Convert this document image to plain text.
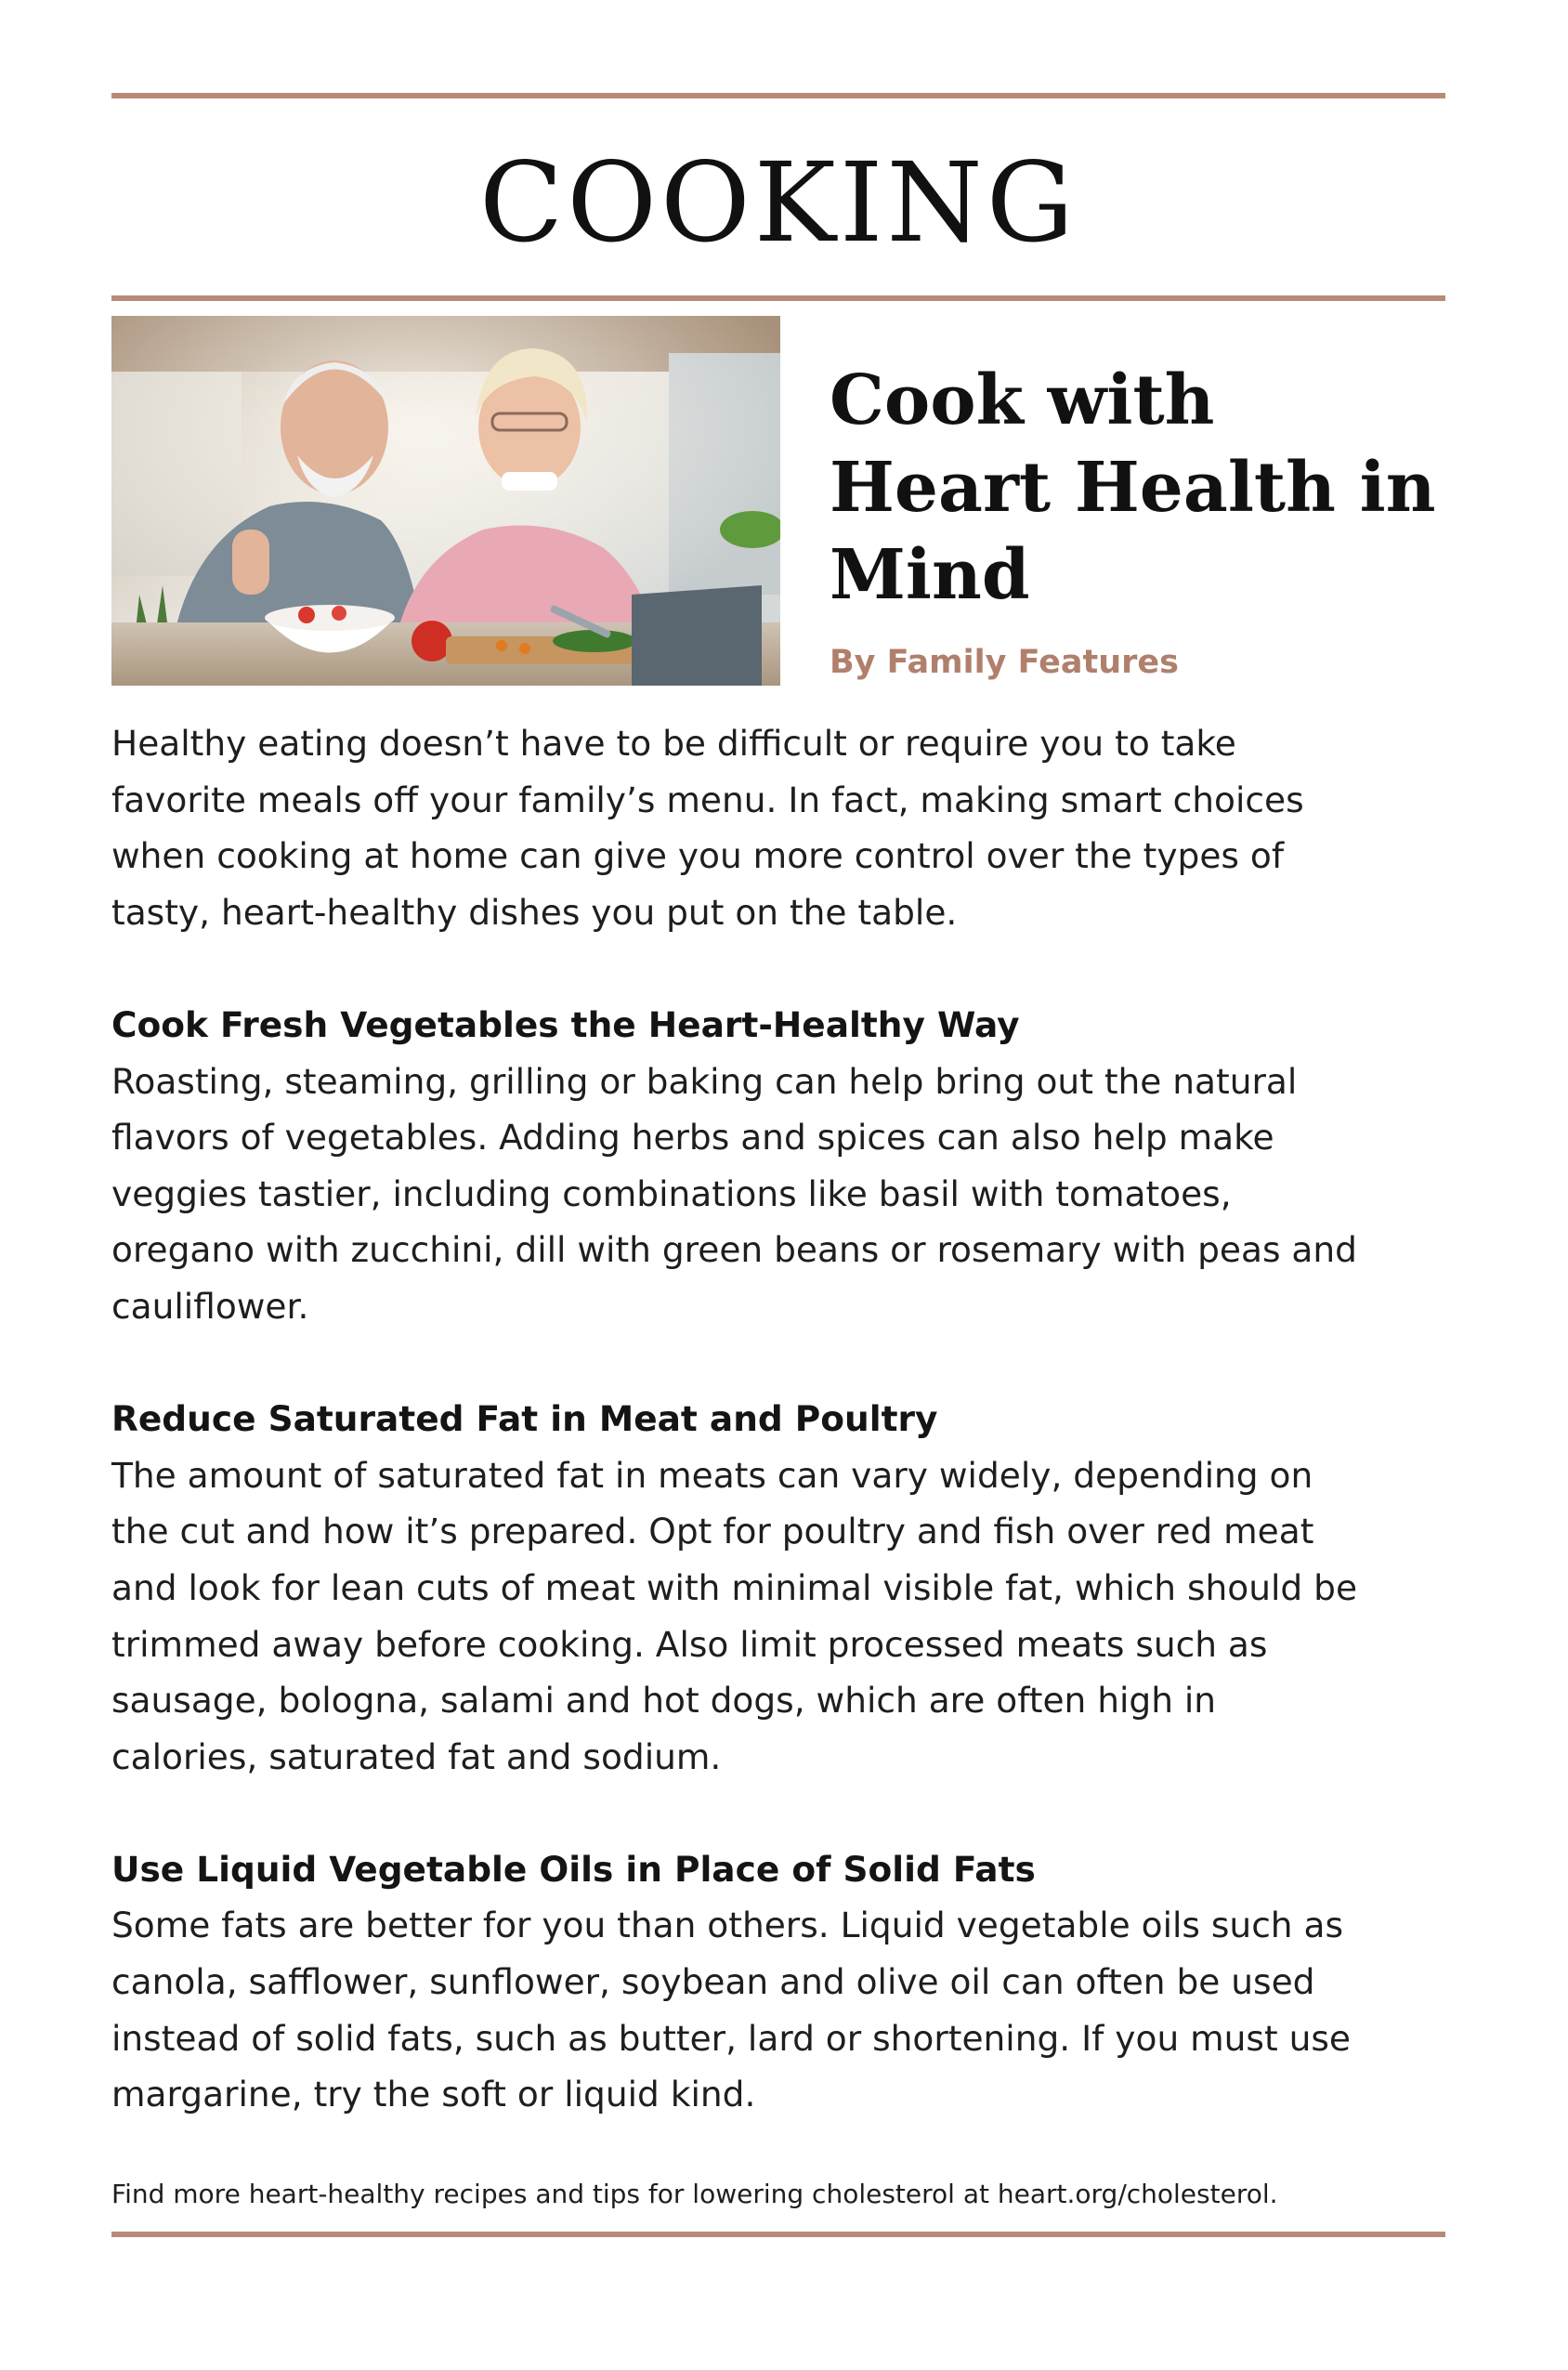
COOKING
Cook with
Heart Health in
Mind

By Family Features

Healthy eating doesn’t have to be difficult or require you to take

favorite meals off your family’s menu. In fact, making smart choices

when cooking at home can give you more control over the types of

tasty, heart-healthy dishes you put on the table.

Cook Fresh Vegetables the Heart-Healthy Way

Roasting, steaming, grilling or baking can help bring out the natural

flavors of vegetables. Adding herbs and spices can also help make

veggies tastier, including combinations like basil with tomatoes,

oregano with zucchini, dill with green beans or rosemary with peas and

cauliflower.

Reduce Saturated Fat in Meat and Poultry

The amount of saturated fat in meats can vary widely, depending on

the cut and how it’s prepared. Opt for poultry and fish over red meat

and look for lean cuts of meat with minimal visible fat, which should be

trimmed away before cooking. Also limit processed meats such as

sausage, bologna, salami and hot dogs, which are often high in

calories, saturated fat and sodium.

Use Liquid Vegetable Oils in Place of Solid Fats

Some fats are better for you than others. Liquid vegetable oils such as

canola, safflower, sunflower, soybean and olive oil can often be used

instead of solid fats, such as butter, lard or shortening. If you must use

margarine, try the soft or liquid kind.

Find more heart-healthy recipes and tips for lowering cholesterol at heart.org/cholesterol.
